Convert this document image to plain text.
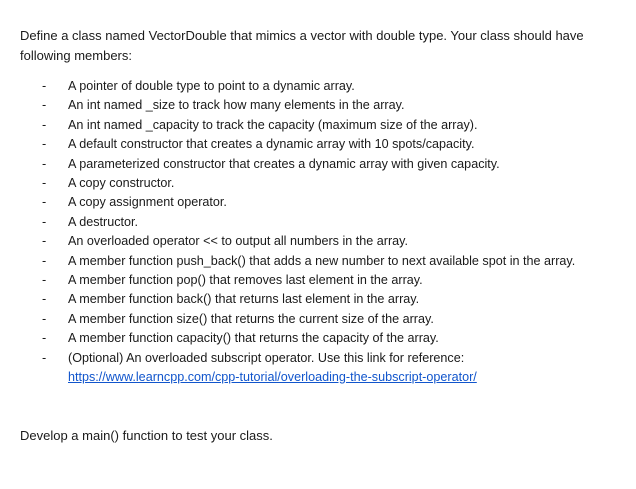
Define a class named VectorDouble that mimics a vector with double type. Your class should have following members:

- A pointer of double type to point to a dynamic array.
- An int named _size to track how many elements in the array.
- An int named _capacity to track the capacity (maximum size of the array).
- A default constructor that creates a dynamic array with 10 spots/capacity.
- A parameterized constructor that creates a dynamic array with given capacity.
- A copy constructor.
- A copy assignment operator.
- A destructor.
- An overloaded operator << to output all numbers in the array.
- A member function push_back() that adds a new number to next available spot in the array.
- A member function pop() that removes last element in the array.
- A member function back() that returns last element in the array.
- A member function size() that returns the current size of the array.
- A member function capacity() that returns the capacity of the array.
- (Optional) An overloaded subscript operator. Use this link for reference:
https://www.learncpp.com/cpp-tutorial/overloading-the-subscript-operator/

Develop a main() function to test your class.
